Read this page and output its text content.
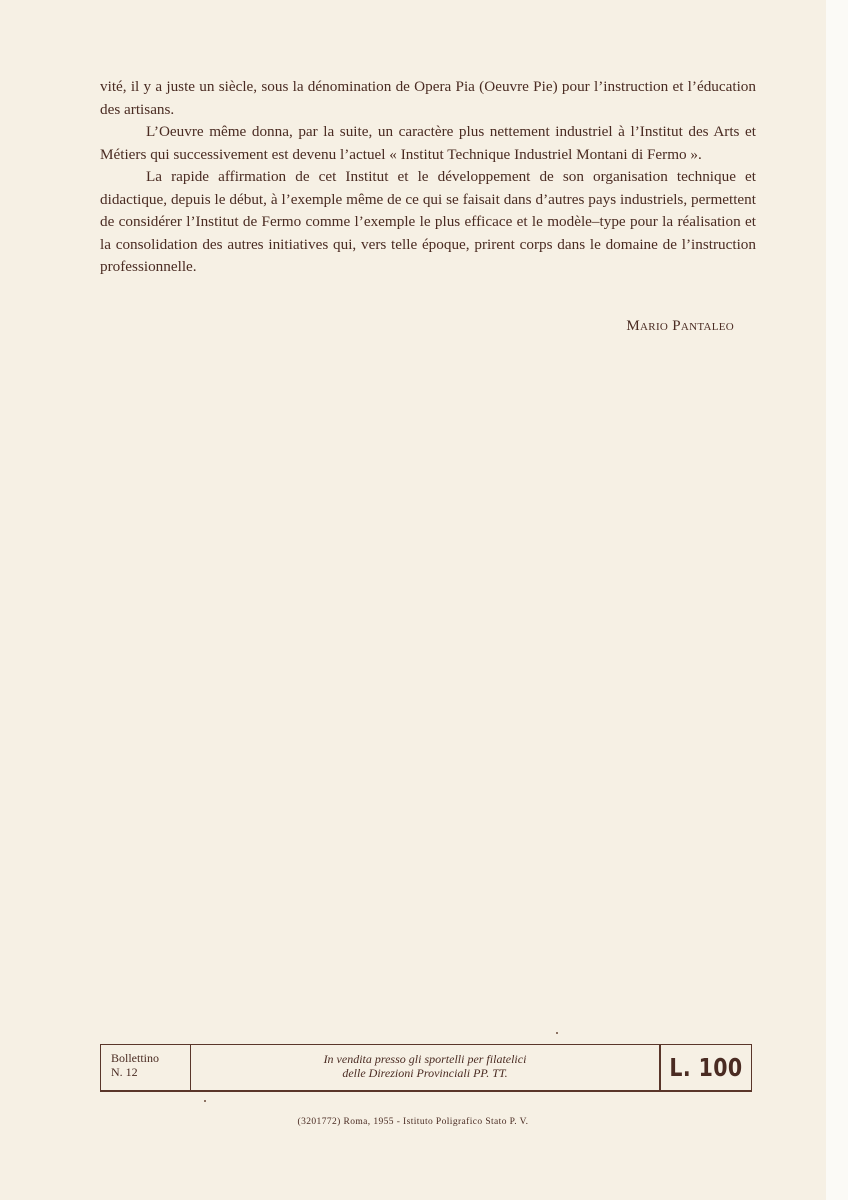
vité, il y a juste un siècle, sous la dénomination de Opera Pia (Oeuvre Pie) pour l’instruction et l’éducation des artisans.

L’Oeuvre même donna, par la suite, un caractère plus nettement industriel à l’Institut des Arts et Métiers qui successivement est devenu l’actuel « Institut Technique Industriel Montani di Fermo ».

La rapide affirmation de cet Institut et le développement de son organisation technique et didactique, depuis le début, à l’exemple même de ce qui se faisait dans d’autres pays industriels, permettent de considérer l’Institut de Fermo comme l’exemple le plus efficace et le modèle–type pour la réalisation et la consolidation des autres initiatives qui, vers telle époque, prirent corps dans le domaine de l’instruction professionnelle.

Mario Pantaleo
Bollettino
N. 12
In vendita presso gli sportelli per filatelici
delle Direzioni Provinciali PP. TT.	L. 100
(3201772) Roma, 1955 - Istituto Poligrafico Stato P. V.
